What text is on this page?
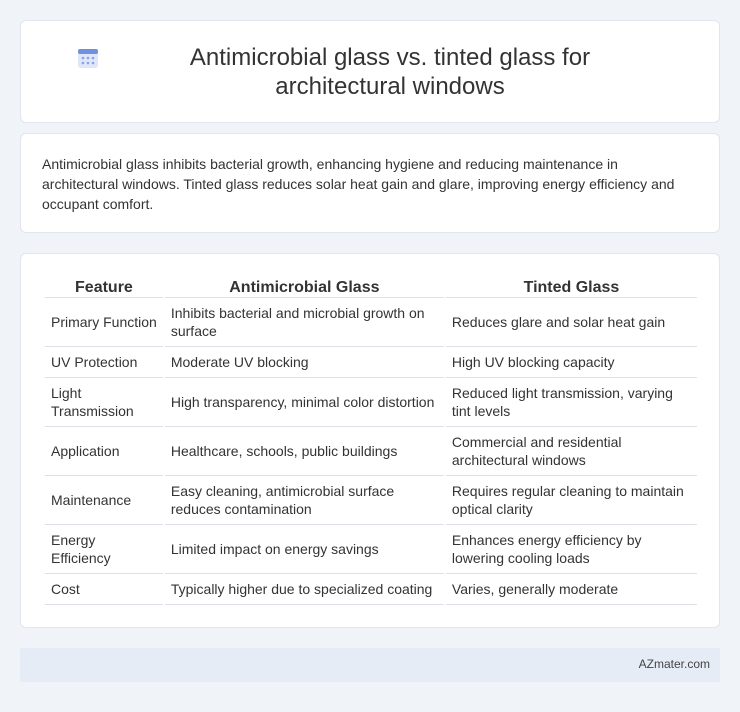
Antimicrobial glass vs. tinted glass for architectural windows

Antimicrobial glass inhibits bacterial growth, enhancing hygiene and reducing maintenance in architectural windows. Tinted glass reduces solar heat gain and glare, improving energy efficiency and occupant comfort.

Feature	Antimicrobial Glass	Tinted Glass
Primary Function	Inhibits bacterial and microbial growth on surface	Reduces glare and solar heat gain
UV Protection	Moderate UV blocking	High UV blocking capacity
Light Transmission	High transparency, minimal color distortion	Reduced light transmission, varying tint levels
Application	Healthcare, schools, public buildings	Commercial and residential architectural windows
Maintenance	Easy cleaning, antimicrobial surface reduces contamination	Requires regular cleaning to maintain optical clarity
Energy Efficiency	Limited impact on energy savings	Enhances energy efficiency by lowering cooling loads
Cost	Typically higher due to specialized coating	Varies, generally moderate
AZmater.com
